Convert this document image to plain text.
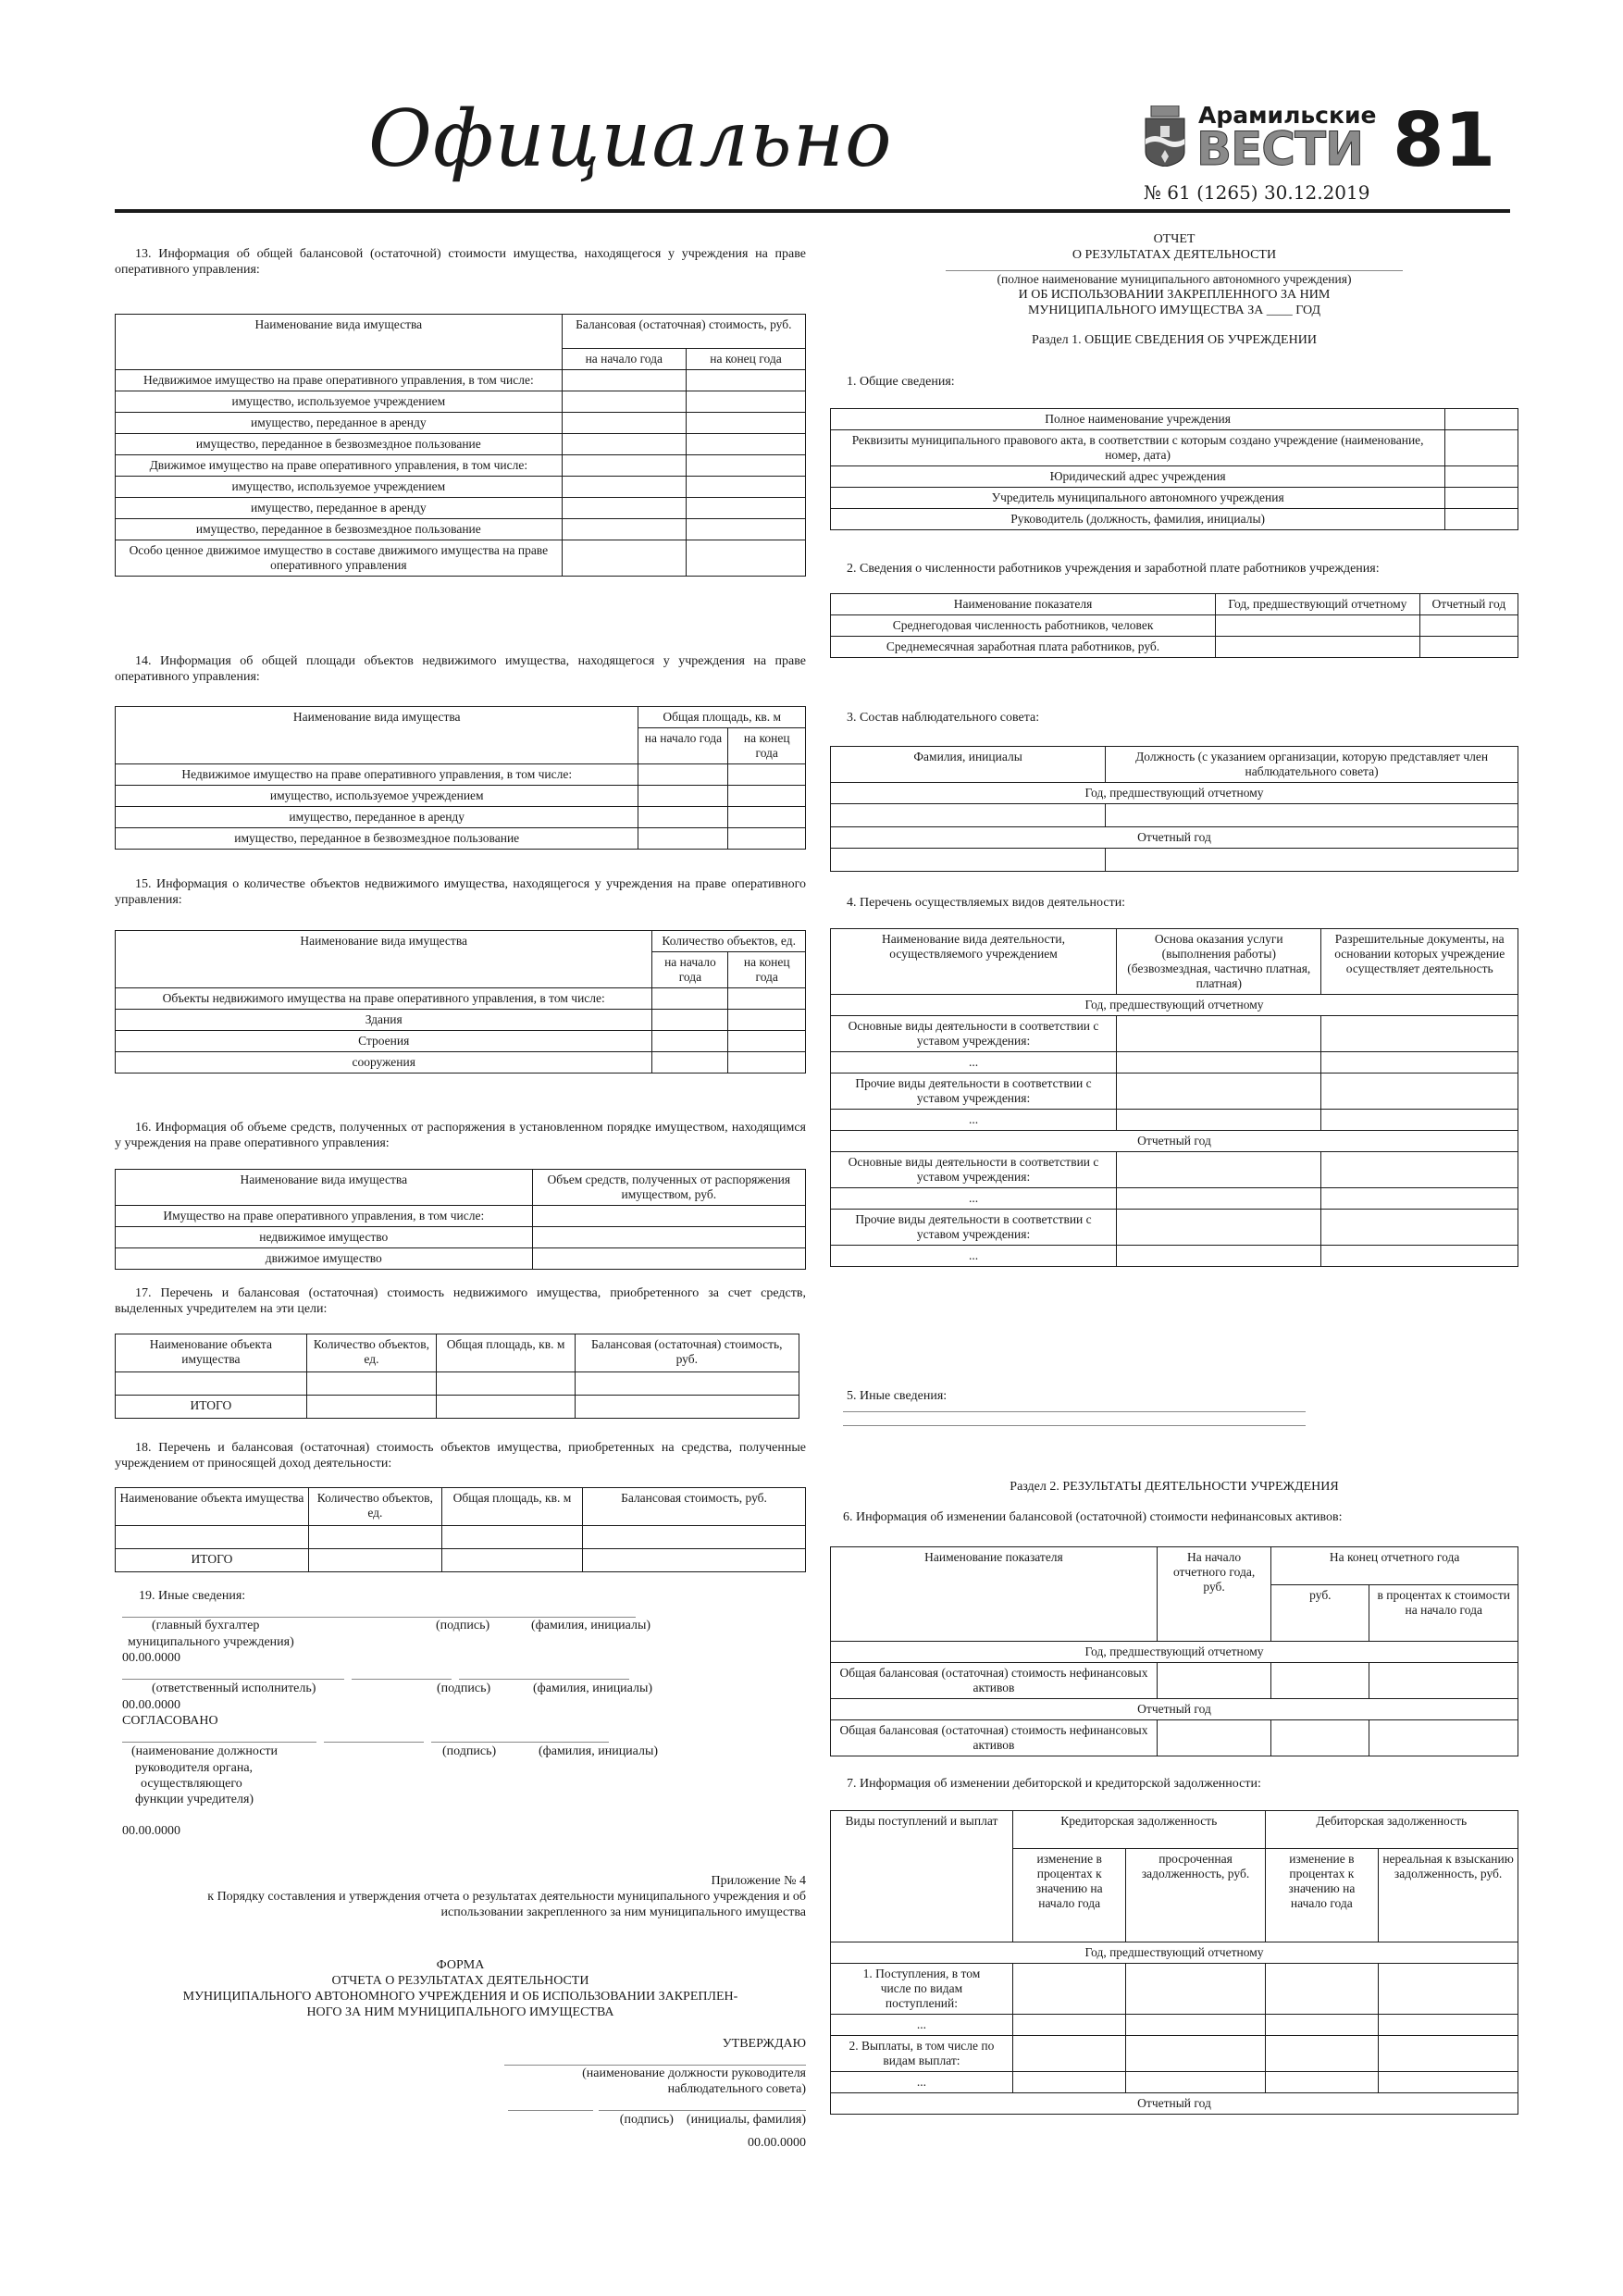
Официально	Арамильские
ВЕСТИ 81
№ 61 (1265) 30.12.2019

13. Информация об общей балансовой (остаточной) стоимости имущества, находящегося у учреждения на праве оперативного управления:

Наименование вида имущества	Балансовая (остаточная) стоимость, руб.	
	на начало года	на конец года
Недвижимое имущество на праве оперативного управления, в том числе:		
имущество, используемое учреждением		
имущество, переданное в аренду		
имущество, переданное в безвозмездное пользование		
Движимое имущество на праве оперативного управления, в том числе:		
имущество, используемое учреждением		
имущество, переданное в аренду		
имущество, переданное в безвозмездное пользование		
Особо ценное движимое имущество в составе движимого имущества на праве оперативного управления		

14. Информация об общей площади объектов недвижимого имущества, находящегося у учреждения на праве оперативного управления:

Наименование вида имущества	Общая площадь, кв. м	
	на начало года	на конец года
Недвижимое имущество на праве оперативного управления, в том числе:		
имущество, используемое учреждением		
имущество, переданное в аренду		
имущество, переданное в безвозмездное пользование		

15. Информация о количестве объектов недвижимого имущества, находящегося у учреждения на праве оперативного управления:

Наименование вида имущества	Количество объектов, ед.	
	на начало года	на конец года
Объекты недвижимого имущества на праве оперативного управления, в том числе:		
Здания		
Строения		
сооружения		

16. Информация об объеме средств, полученных от распоряжения в установленном порядке имуществом, находящимся у учреждения на праве оперативного управления:

Наименование вида имущества	Объем средств, полученных от распоряжения имуществом, руб.
Имущество на праве оперативного управления, в том числе:	
недвижимое имущество	
движимое имущество	

17. Перечень и балансовая (остаточная) стоимость недвижимого имущества, приобретенного за счет средств, выделенных учредителем на эти цели:

Наименование объекта имущества	Количество объектов, ед.	Общая площадь, кв. м	Балансовая (остаточная) стоимость, руб.

ИТОГО			

18. Перечень и балансовая (остаточная) стоимость объектов имущества, приобретенных на средства, полученные учреждением от приносящей доход деятельности:

Наименование объекта имущества	Количество объектов, ед.	Общая площадь, кв. м	Балансовая стоимость, руб.

ИТОГО			
19. Иные сведения:
(главный бухгалтер	(подпись)	(фамилия, инициалы)
муниципального учреждения)
00.00.0000
(ответственный исполнитель)	(подпись)	(фамилия, инициалы)
00.00.0000
СОГЛАСОВАНО
(наименование должности	(подпись)	(фамилия, инициалы)
руководителя органа,
осуществляющего
функции учредителя)
00.00.0000
Приложение № 4
к Порядку составления и утверждения отчета о результатах деятельности муниципального учреждения и об использовании закрепленного за ним муниципального имущества
ФОРМА
ОТЧЕТА О РЕЗУЛЬТАТАХ ДЕЯТЕЛЬНОСТИ
МУНИЦИПАЛЬНОГО АВТОНОМНОГО УЧРЕЖДЕНИЯ И ОБ ИСПОЛЬЗОВАНИИ ЗАКРЕПЛЕН-
НОГО ЗА НИМ МУНИЦИПАЛЬНОГО ИМУЩЕСТВА
УТВЕРЖДАЮ
(наименование должности руководителя
наблюдательного совета)
(подпись) (инициалы, фамилия)
00.00.0000
ОТЧЕТ
О РЕЗУЛЬТАТАХ ДЕЯТЕЛЬНОСТИ
(полное наименование муниципального автономного учреждения)
И ОБ ИСПОЛЬЗОВАНИИ ЗАКРЕПЛЕННОГО ЗА НИМ
МУНИЦИПАЛЬНОГО ИМУЩЕСТВА ЗА ____ ГОД
Раздел 1. ОБЩИЕ СВЕДЕНИЯ ОБ УЧРЕЖДЕНИИ
1. Общие сведения:
Полное наименование учреждения	
Реквизиты муниципального правового акта, в соответствии с которым создано учреждение (наименование, номер, дата)	
Юридический адрес учреждения	
Учредитель муниципального автономного учреждения	
Руководитель (должность, фамилия, инициалы)	
2. Сведения о численности работников учреждения и заработной плате работников учреждения:
Наименование показателя	Год, предшествующий отчетному	Отчетный год
Среднегодовая численность работников, человек		
Среднемесячная заработная плата работников, руб.		
3. Состав наблюдательного совета:
Фамилия, инициалы	Должность (с указанием организации, которую представляет член наблюдательного совета)
Год, предшествующий отчетному	

Отчетный год	

4. Перечень осуществляемых видов деятельности:
Наименование вида деятельности, осуществляемого учреждением	Основа оказания услуги (выполнения работы) (безвозмездная, частично платная, платная)	Разрешительные документы, на основании которых учреждение осуществляет деятельность
Год, предшествующий отчетному		
Основные виды деятельности в соответствии с уставом учреждения:		
...		
Прочие виды деятельности в соответствии с уставом учреждения:		
...		
Отчетный год		
Основные виды деятельности в соответствии с уставом учреждения:		
...		
Прочие виды деятельности в соответствии с уставом учреждения:		
...		
5. Иные сведения:
Раздел 2. РЕЗУЛЬТАТЫ ДЕЯТЕЛЬНОСТИ УЧРЕЖДЕНИЯ
6. Информация об изменении балансовой (остаточной) стоимости нефинансовых активов:
Наименование показателя	На начало отчетного года, руб.	На конец отчетного года	
		руб.	в процентах к стоимости на начало года
Год, предшествующий отчетному			
Общая балансовая (остаточная) стоимость нефинансовых активов			
Отчетный год			
Общая балансовая (остаточная) стоимость нефинансовых активов			
7. Информация об изменении дебиторской и кредиторской задолженности:
Виды поступлений и выплат	Кредиторская задолженность		Дебиторская задолженность	
	изменение в процентах к значению на начало года	просроченная задолженность, руб.	изменение в процентах к значению на начало года	нереальная к взысканию задолженность, руб.
Год, предшествующий отчетному				
1. Поступления, в том числе по видам поступлений:				
...				
2. Выплаты, в том числе по видам выплат:				
...				
Отчетный год				
